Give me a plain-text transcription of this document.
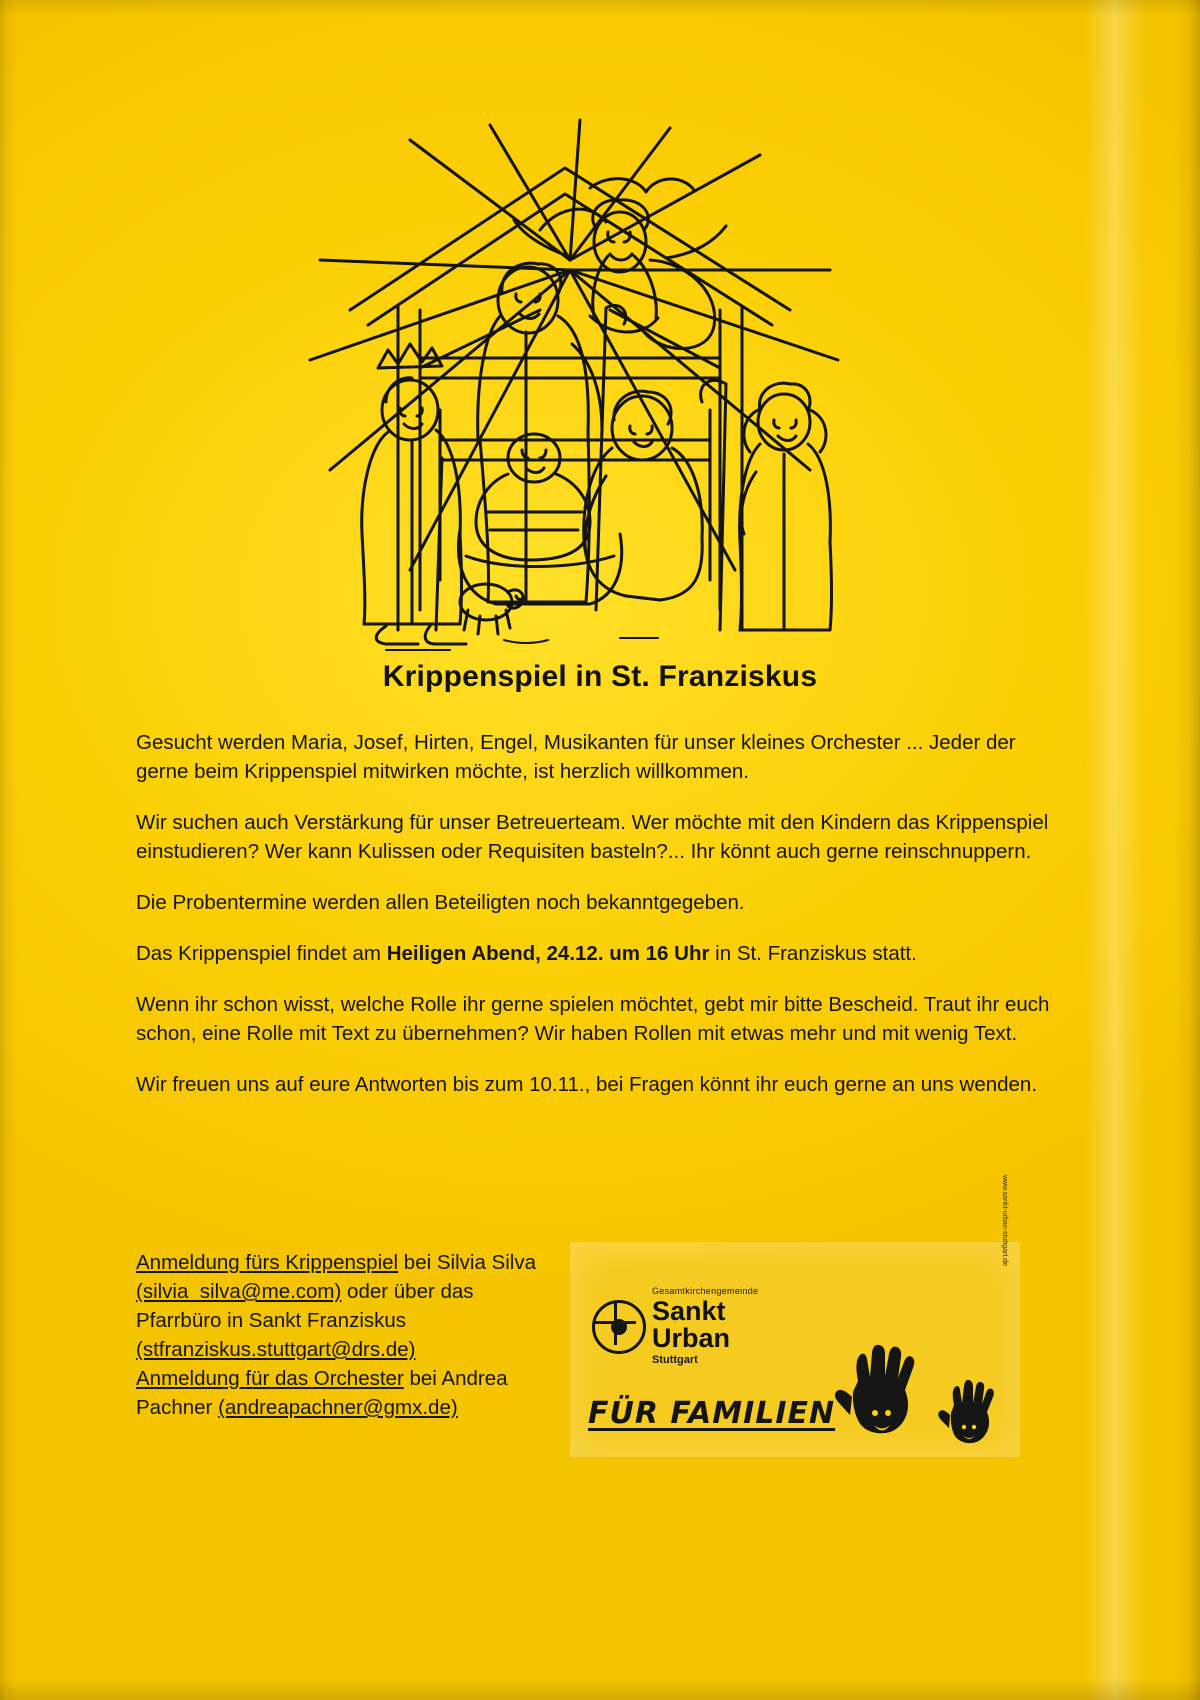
Krippenspiel in St. Franziskus

Gesucht werden Maria, Josef, Hirten, Engel, Musikanten für unser kleines Orchester ... Jeder der gerne beim Krippenspiel mitwirken möchte, ist herzlich willkommen.

Wir suchen auch Verstärkung für unser Betreuerteam. Wer möchte mit den Kindern das Krippenspiel einstudieren? Wer kann Kulissen oder Requisiten basteln?... Ihr könnt auch gerne reinschnuppern.

Die Probentermine werden allen Beteiligten noch bekanntgegeben.

Das Krippenspiel findet am Heiligen Abend, 24.12. um 16 Uhr in St. Franziskus statt.

Wenn ihr schon wisst, welche Rolle ihr gerne spielen möchtet, gebt mir bitte Bescheid. Traut ihr euch schon, eine Rolle mit Text zu übernehmen? Wir haben Rollen mit etwas mehr und mit wenig Text.

Wir freuen uns auf eure Antworten bis zum 10.11., bei Fragen könnt ihr euch gerne an uns wenden.

Anmeldung fürs Krippenspiel bei Silvia Silva
(silvia_silva@me.com) oder über das
Pfarrbüro in Sankt Franziskus
(stfranziskus.stuttgart@drs.de)
Anmeldung für das Orchester bei Andrea
Pachner (andreapachner@gmx.de)
Gesamtkirchengemeinde
Sankt
Urban
Stuttgart
www.sankt-urban-stuttgart.de
FÜR FAMILIEN
